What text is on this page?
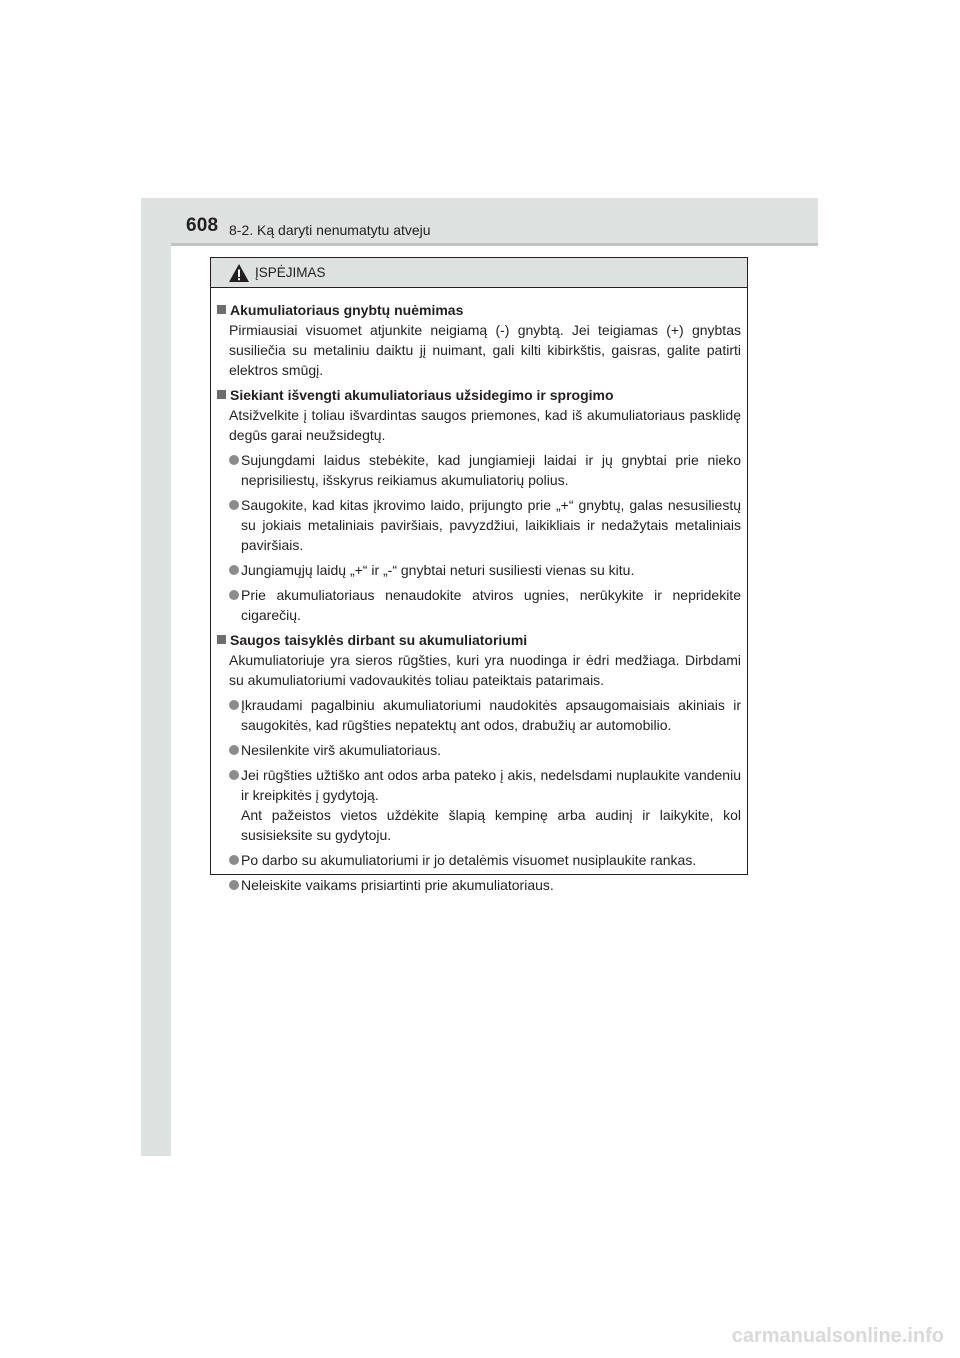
608 8-2. Ką daryti nenumatytu atveju
ĮSPĖJIMAS
Akumuliatoriaus gnybtų nuėmimas

Pirmiausiai visuomet atjunkite neigiamą (-) gnybtą. Jei teigiamas (+) gnybtas susiliečia su metaliniu daiktu jį nuimant, gali kilti kibirkštis, gaisras, galite patirti elektros smūgį.

Siekiant išvengti akumuliatoriaus užsidegimo ir sprogimo

Atsižvelkite į toliau išvardintas saugos priemones, kad iš akumuliatoriaus pasklidę degūs garai neužsidegtų.

Sujungdami laidus stebėkite, kad jungiamieji laidai ir jų gnybtai prie nieko neprisiliestų, išskyrus reikiamus akumuliatorių polius.
Saugokite, kad kitas įkrovimo laido, prijungto prie „+“ gnybtų, galas nesusiliestų su jokiais metaliniais paviršiais, pavyzdžiui, laikikliais ir nedažytais metaliniais paviršiais.
Jungiamųjų laidų „+“ ir „-“ gnybtai neturi susiliesti vienas su kitu.
Prie akumuliatoriaus nenaudokite atviros ugnies, nerūkykite ir nepridekite cigarečių.
Saugos taisyklės dirbant su akumuliatoriumi

Akumuliatoriuje yra sieros rūgšties, kuri yra nuodinga ir ėdri medžiaga. Dirbdami su akumuliatoriumi vadovaukitės toliau pateiktais patarimais.

Įkraudami pagalbiniu akumuliatoriumi naudokitės apsaugomaisiais akiniais ir saugokitės, kad rūgšties nepatektų ant odos, drabužių ar automobilio.
Nesilenkite virš akumuliatoriaus.
Jei rūgšties užtiško ant odos arba pateko į akis, nedelsdami nuplaukite vandeniu ir kreipkitės į gydytoją.
Ant pažeistos vietos uždėkite šlapią kempinę arba audinį ir laikykite, kol susisieksite su gydytoju.
Po darbo su akumuliatoriumi ir jo detalėmis visuomet nusiplaukite rankas.
Neleiskite vaikams prisiartinti prie akumuliatoriaus.
carmanualsonline.info
